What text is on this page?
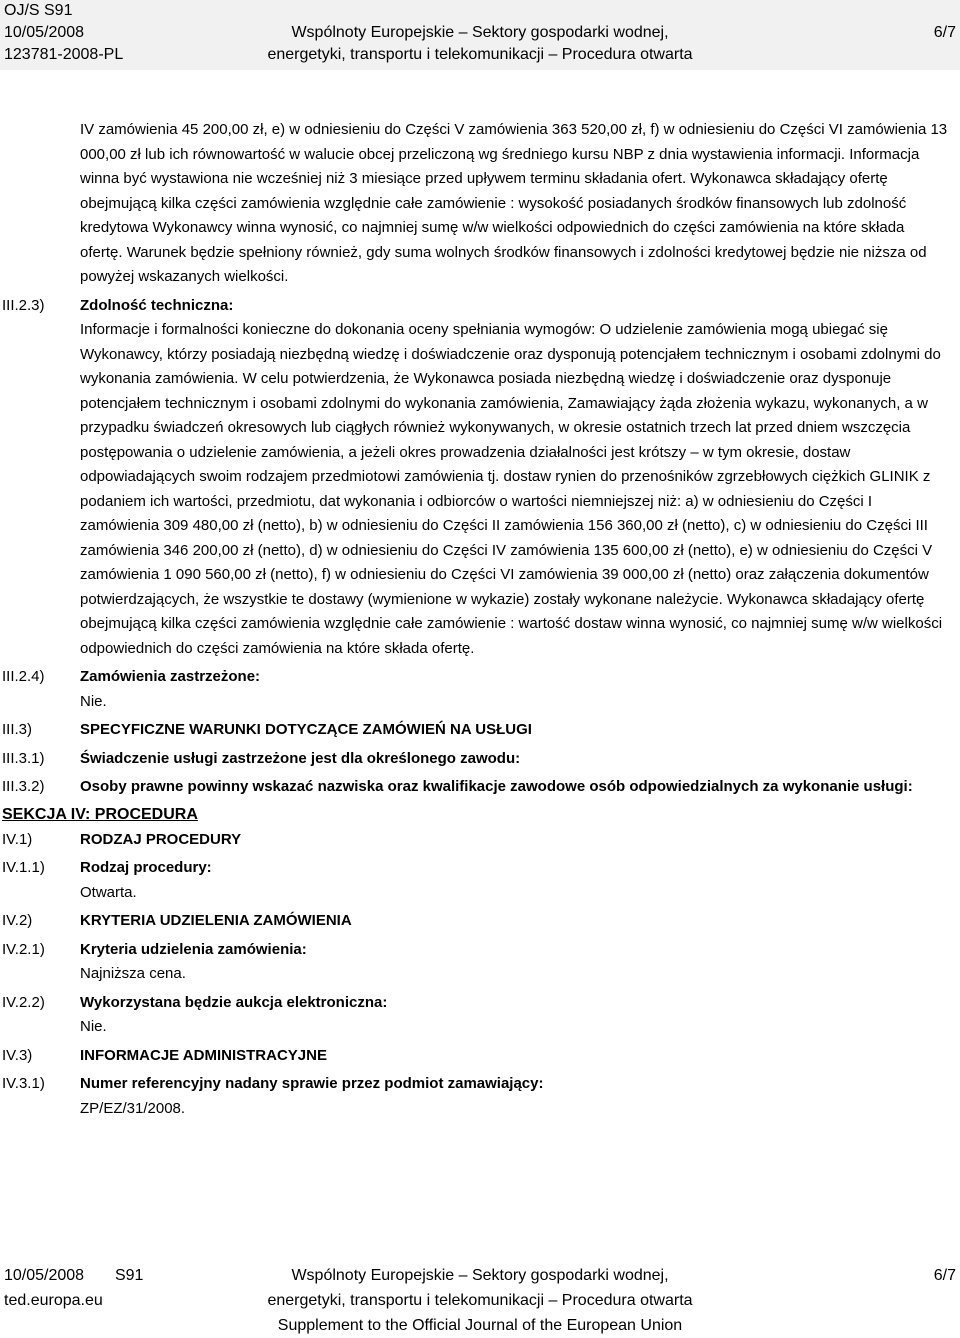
OJ/S S91
10/05/2008
123781-2008-PL
Wspólnoty Europejskie – Sektory gospodarki wodnej,
energetyki, transportu i telekomunikacji – Procedura otwarta
6/7
IV zamówienia 45 200,00 zł, e) w odniesieniu do Części V zamówienia 363 520,00 zł, f) w odniesieniu do Części VI zamówienia 13 000,00 zł lub ich równowartość w walucie obcej przeliczoną wg średniego kursu NBP z dnia wystawienia informacji. Informacja winna być wystawiona nie wcześniej niż 3 miesiące przed upływem terminu składania ofert. Wykonawca składający ofertę obejmującą kilka części zamówienia względnie całe zamówienie : wysokość posiadanych środków finansowych lub zdolność kredytowa Wykonawcy winna wynosić, co najmniej sumę w/w wielkości odpowiednich do części zamówienia na które składa ofertę. Warunek będzie spełniony również, gdy suma wolnych środków finansowych i zdolności kredytowej będzie nie niższa od powyżej wskazanych wielkości.
III.2.3)	Zdolność techniczna:
Informacje i formalności konieczne do dokonania oceny spełniania wymogów: O udzielenie zamówienia mogą ubiegać się Wykonawcy, którzy posiadają niezbędną wiedzę i doświadczenie oraz dysponują potencjałem technicznym i osobami zdolnymi do wykonania zamówienia. W celu potwierdzenia, że Wykonawca posiada niezbędną wiedzę i doświadczenie oraz dysponuje potencjałem technicznym i osobami zdolnymi do wykonania zamówienia, Zamawiający żąda złożenia wykazu, wykonanych, a w przypadku świadczeń okresowych lub ciągłych również wykonywanych, w okresie ostatnich trzech lat przed dniem wszczęcia postępowania o udzielenie zamówienia, a jeżeli okres prowadzenia działalności jest krótszy – w tym okresie, dostaw odpowiadających swoim rodzajem przedmiotowi zamówienia tj. dostaw rynien do przenośników zgrzebłowych ciężkich GLINIK z podaniem ich wartości, przedmiotu, dat wykonania i odbiorców o wartości niemniejszej niż: a) w odniesieniu do Części I zamówienia 309 480,00 zł (netto), b) w odniesieniu do Części II zamówienia 156 360,00 zł (netto), c) w odniesieniu do Części III zamówienia 346 200,00 zł (netto), d) w odniesieniu do Części IV zamówienia 135 600,00 zł (netto), e) w odniesieniu do Części V zamówienia 1 090 560,00 zł (netto), f) w odniesieniu do Części VI zamówienia 39 000,00 zł (netto) oraz załączenia dokumentów potwierdzających, że wszystkie te dostawy (wymienione w wykazie) zostały wykonane należycie. Wykonawca składający ofertę obejmującą kilka części zamówienia względnie całe zamówienie : wartość dostaw winna wynosić, co najmniej sumę w/w wielkości odpowiednich do części zamówienia na które składa ofertę.
III.2.4)	Zamówienia zastrzeżone:
Nie.
III.3)	SPECYFICZNE WARUNKI DOTYCZĄCE ZAMÓWIEŃ NA USŁUGI
III.3.1)	Świadczenie usługi zastrzeżone jest dla określonego zawodu:
III.3.2)	Osoby prawne powinny wskazać nazwiska oraz kwalifikacje zawodowe osób odpowiedzialnych za wykonanie usługi:
SEKCJA IV: PROCEDURA
IV.1)	RODZAJ PROCEDURY
IV.1.1)	Rodzaj procedury:
Otwarta.
IV.2)	KRYTERIA UDZIELENIA ZAMÓWIENIA
IV.2.1)	Kryteria udzielenia zamówienia:
Najniższa cena.
IV.2.2)	Wykorzystana będzie aukcja elektroniczna:
Nie.
IV.3)	INFORMACJE ADMINISTRACYJNE
IV.3.1)	Numer referencyjny nadany sprawie przez podmiot zamawiający:
ZP/EZ/31/2008.
10/05/2008 S91
ted.europa.eu
Wspólnoty Europejskie – Sektory gospodarki wodnej,
energetyki, transportu i telekomunikacji – Procedura otwarta
Supplement to the Official Journal of the European Union
6/7
